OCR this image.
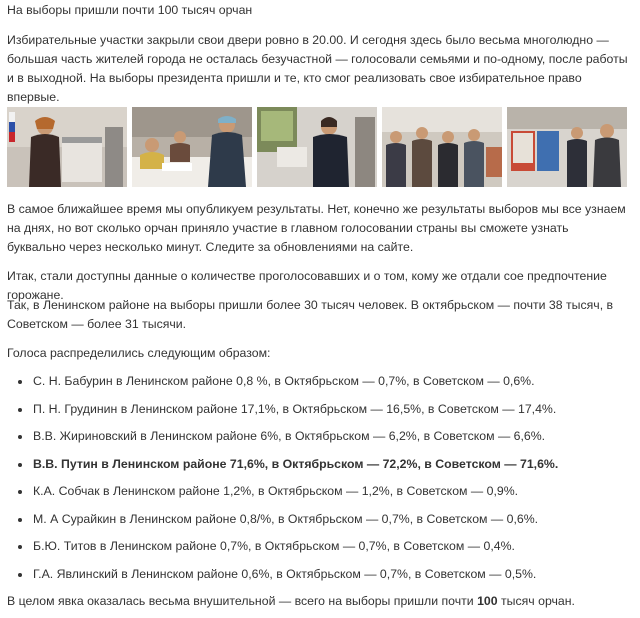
На выборы пришли почти 100 тысяч орчан

Избирательные участки закрыли свои двери ровно в 20.00. И сегодня здесь было весьма многолюдно — большая часть жителей города не осталась безучастной — голосовали семьями и по-одному, после работы и в выходной. На выборы президента пришли и те, кто смог реализовать свое избирательное право впервые.

В самое ближайшее время мы опубликуем результаты. Нет, конечно же результаты выборов мы все узнаем на днях, но вот сколько орчан приняло участие в главном голосовании страны вы сможете узнать буквально через несколько минут. Следите за обновлениями на сайте.

Итак, стали доступны данные о количестве проголосовавших и о том, кому же отдали сое предпочтение горожане.

Так, в Ленинском районе на выборы пришли более 30 тысяч человек. В октябрьском — почти 38 тысяч, в Советском — более 31 тысячи.

Голоса распределились следующим образом:

С. Н. Бабурин в Ленинском районе 0,8 %, в Октябрьском — 0,7%, в Советском — 0,6%.
П. Н. Грудинин в Ленинском районе 17,1%, в Октябрьском — 16,5%, в Советском — 17,4%.
В.В. Жириновский в Ленинском районе 6%, в Октябрьском — 6,2%, в Советском — 6,6%.
В.В. Путин в Ленинском районе 71,6%, в Октябрьском — 72,2%, в Советском — 71,6%.
К.А. Собчак в Ленинском районе 1,2%, в Октябрьском — 1,2%, в Советском — 0,9%.
М. А Сурайкин в Ленинском районе 0,8/%, в Октябрьском — 0,7%, в Советском — 0,6%.
Б.Ю. Титов в Ленинском районе 0,7%, в Октябрьском — 0,7%, в Советском — 0,4%.
Г.А. Явлинский в Ленинском районе 0,6%, в Октябрьском — 0,7%, в Советском — 0,5%.

В целом явка оказалась весьма внушительной — всего на выборы пришли почти 100 тысяч орчан.
